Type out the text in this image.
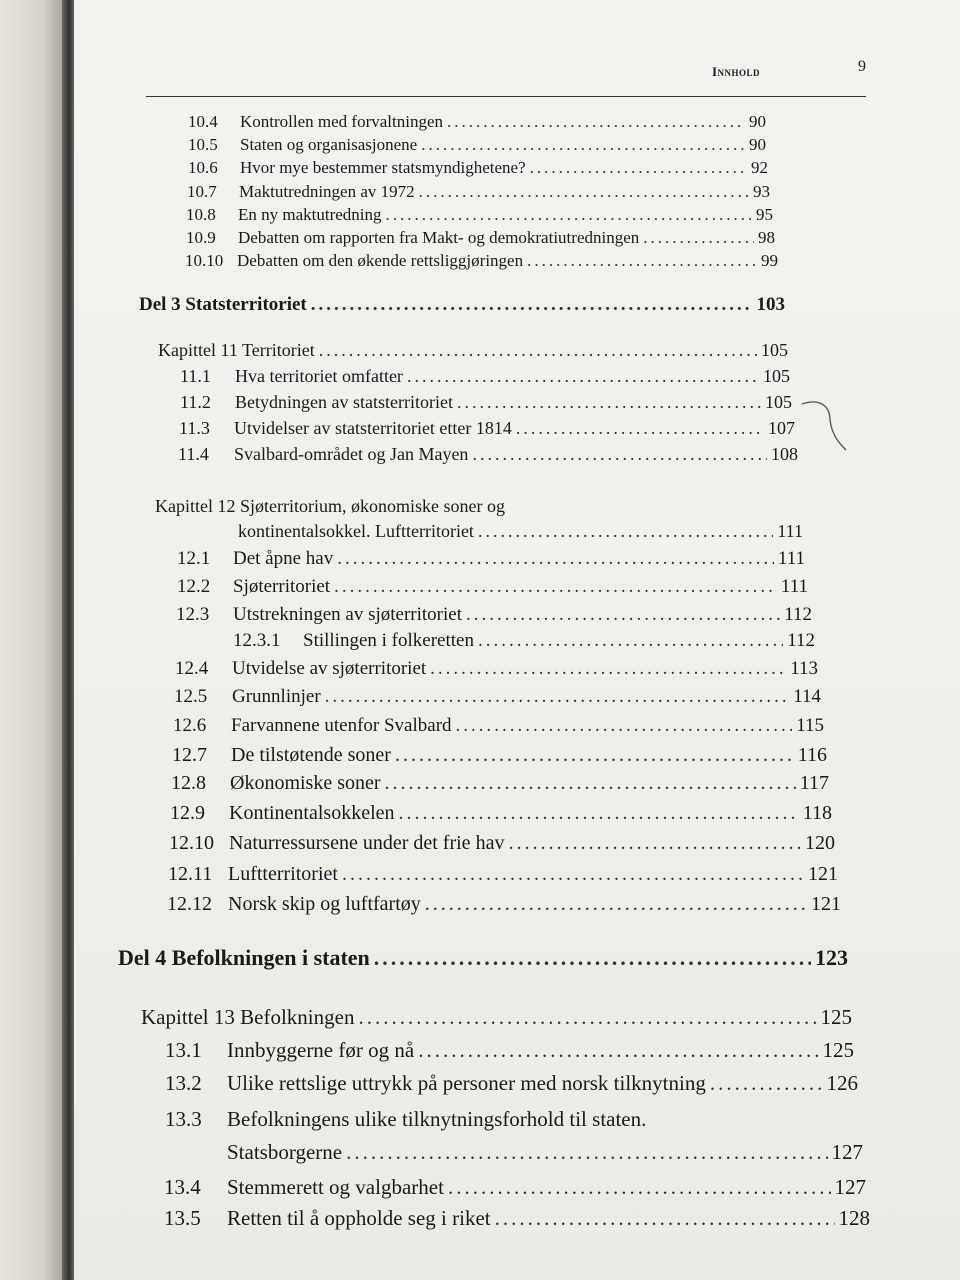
Innhold	9
10.4	Kontrollen med forvaltningen .....	90
10.5	Staten og organisasjonene .....	90
10.6	Hvor mye bestemmer statsmyndighetene? .....	92
10.7	Maktutredningen av 1972 .....	93
10.8	En ny maktutredning .....	95
10.9	Debatten om rapporten fra Makt- og demokratiutredningen .....	98
10.10 Debatten om den økende rettsliggjøringen .....	99
Del 3 Statsterritoriet .....	103
Kapittel 11 Territoriet .....	105
11.1	Hva territoriet omfatter .....	105
11.2	Betydningen av statsterritoriet .....	105
11.3	Utvidelser av statsterritoriet etter 1814 .....	107
11.4	Svalbard-området og Jan Mayen .....	108
Kapittel 12 Sjøterritorium, økonomiske soner og
kontinentalsokkel. Luftterritoriet .....	111
12.1	Det åpne hav .....	111
12.2	Sjøterritoriet .....	111
12.3	Utstrekningen av sjøterritoriet .....	112
12.3.1	Stillingen i folkeretten .....	112
12.4	Utvidelse av sjøterritoriet .....	113
12.5	Grunnlinjer .....	114
12.6	Farvannene utenfor Svalbard .....	115
12.7	De tilstøtende soner .....	116
12.8	Økonomiske soner .....	117
12.9	Kontinentalsokkelen .....	118
12.10 Naturressursene under det frie hav .....	120
12.11 Luftterritoriet .....	121
12.12 Norsk skip og luftfartøy .....	121
Del 4 Befolkningen i staten .....	123
Kapittel 13 Befolkningen .....	125
13.1	Innbyggerne før og nå .....	125
13.2	Ulike rettslige uttrykk på personer med norsk tilknytning .....	126
13.3	Befolkningens ulike tilknytningsforhold til staten.
Statsborgerne .....	127
13.4	Stemmerett og valgbarhet .....	127
13.5	Retten til å oppholde seg i riket .....	128
